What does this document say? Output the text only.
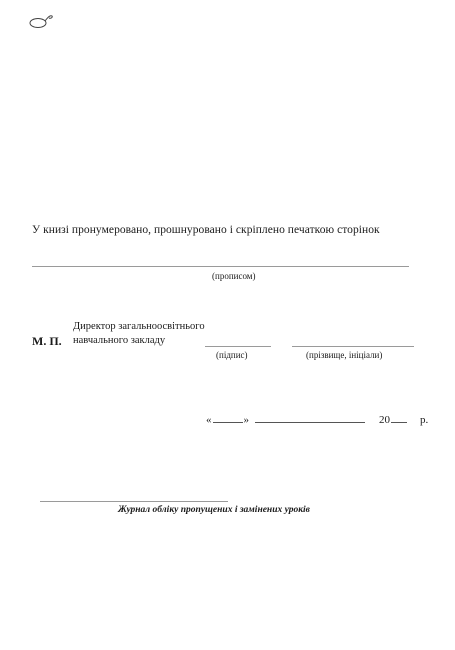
У книзі пронумеровано, прошнуровано і скріплено печаткою сторінок
(прописом)
М. П.
Директор загальноосвітнього
навчального закладу
(підпис)	(прізвище, ініціали)
«	»	20	р.
Журнал обліку пропущених і замінених уроків
